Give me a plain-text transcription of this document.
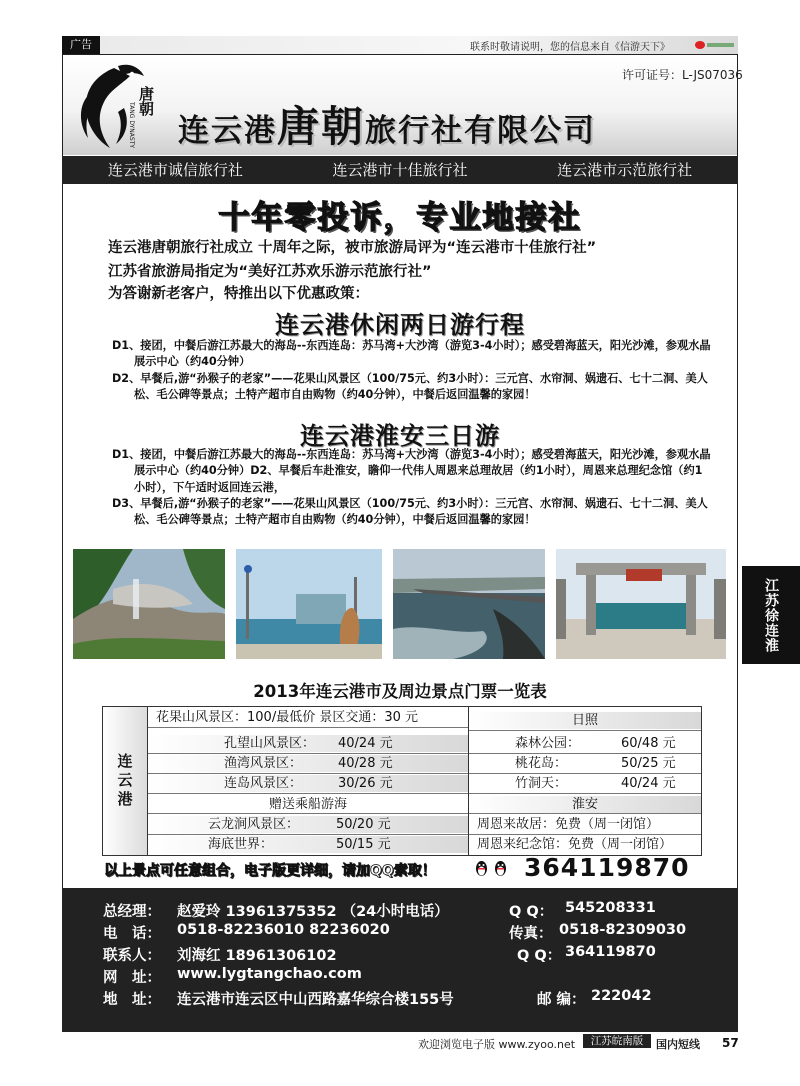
广告	联系时敬请说明，您的信息来自《信游天下》
许可证号：L-JS07036
唐朝
TANG DYNASTY 连云港唐朝旅行社有限公司
连云港市诚信旅行社	连云港市十佳旅行社	连云港市示范旅行社
十年零投诉，专业地接社
连云港唐朝旅行社成立 十周年之际，被市旅游局评为“连云港市十佳旅行社”
江苏省旅游局指定为“美好江苏欢乐游示范旅行社”
为答谢新老客户，特推出以下优惠政策：
连云港休闲两日游行程

D1、接团，中餐后游江苏最大的海岛--东西连岛：苏马湾+大沙湾（游览3-4小时）；感受碧海蓝天，阳光沙滩，参观水晶展示中心（约40分钟）

D2、早餐后,游“孙猴子的老家”——花果山风景区（100/75元、约3小时）：三元宫、水帘洞、娲遗石、七十二洞、美人松、毛公碑等景点；土特产超市自由购物（约40分钟），中餐后返回温馨的家园！

连云港淮安三日游

D1、接团，中餐后游江苏最大的海岛--东西连岛：苏马湾+大沙湾（游览3-4小时）；感受碧海蓝天，阳光沙滩，参观水晶展示中心（约40分钟）D2、早餐后车赴淮安，瞻仰一代伟人周恩来总理故居（约1小时），周恩来总理纪念馆（约1小时），下午适时返回连云港，

D3、早餐后,游“孙猴子的老家”——花果山风景区（100/75元、约3小时）：三元宫、水帘洞、娲遗石、七十二洞、美人松、毛公碑等景点；土特产超市自由购物（约40分钟），中餐后返回温馨的家园！

江苏徐连淮
2013年连云港市及周边景点门票一览表
连云港
花果山风景区：100/最低价 景区交通：30 元
孔望山风景区： 40/24 元
渔湾风景区：	40/28 元
连岛风景区：	30/26 元
赠送乘船游海
云龙涧风景区：	50/20 元
海底世界：	50/15 元
日照
森林公园：	60/48 元
桃花岛：	50/25 元
竹洞天：	40/24 元
淮安
周恩来故居：免费（周一闭馆）
周恩来纪念馆：免费（周一闭馆）
以上景点可任意组合，电子版更详细，请加QQ索取！	364119870
总经理： 赵爱玲 13961375352 （24小时电话）	Q Q： 545208331
电　话： 0518-82236010 82236020	传真： 0518-82309030
联系人： 刘海红 18961306102	Q Q： 364119870
网　址： www.lygtangchao.com
地　址： 连云港市连云区中山西路嘉华综合楼155号	邮 编： 222042
欢迎浏览电子版 www.zyoo.net	江苏皖南版	国内短线 57
